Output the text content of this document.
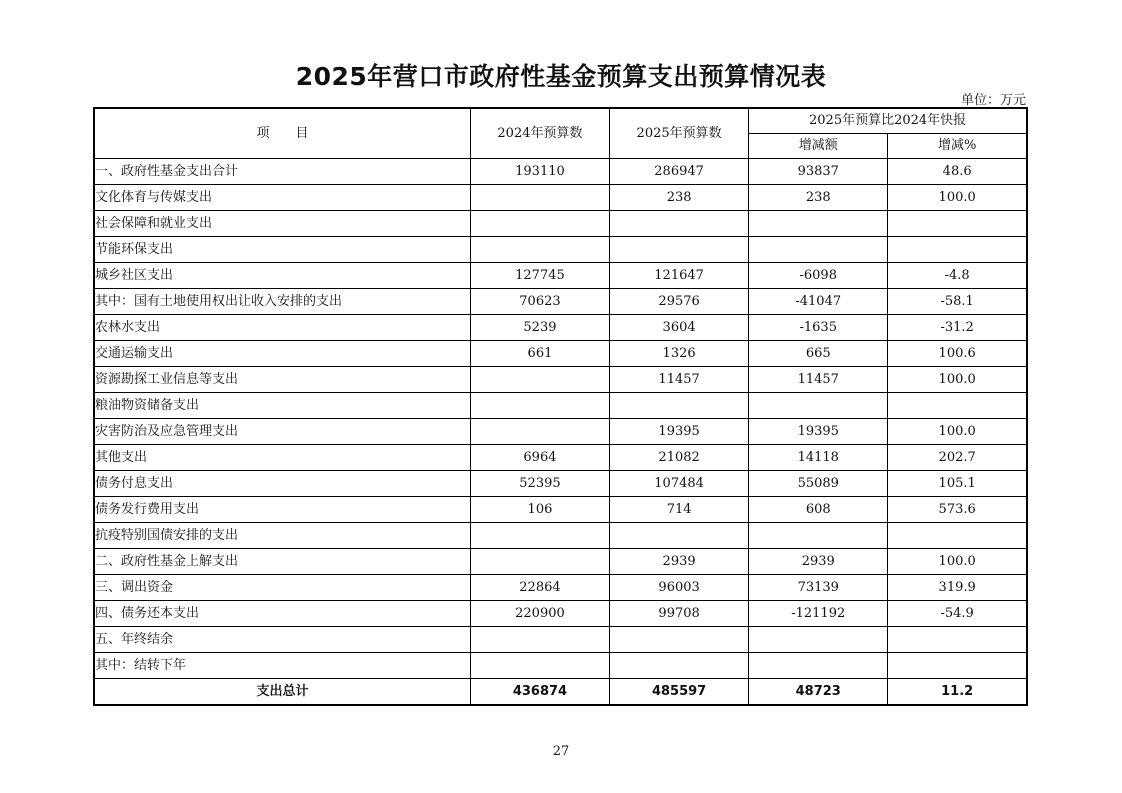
2025年营口市政府性基金预算支出预算情况表
单位：万元
项　　目	2024年预算数	2025年预算数	2025年预算比2024年快报	
			增减额	增减%
一、政府性基金支出合计	193110	286947	93837	48.6
文化体育与传媒支出		238	238	100.0
社会保障和就业支出				
节能环保支出				
城乡社区支出	127745	121647	-6098	-4.8
其中：国有土地使用权出让收入安排的支出	70623	29576	-41047	-58.1
农林水支出	5239	3604	-1635	-31.2
交通运输支出	661	1326	665	100.6
资源勘探工业信息等支出		11457	11457	100.0
粮油物资储备支出				
灾害防治及应急管理支出		19395	19395	100.0
其他支出	6964	21082	14118	202.7
债务付息支出	52395	107484	55089	105.1
债务发行费用支出	106	714	608	573.6
抗疫特别国债安排的支出				
二、政府性基金上解支出		2939	2939	100.0
三、调出资金	22864	96003	73139	319.9
四、债务还本支出	220900	99708	-121192	-54.9
五、年终结余				
其中：结转下年				
支出总计	436874	485597	48723	11.2
27
